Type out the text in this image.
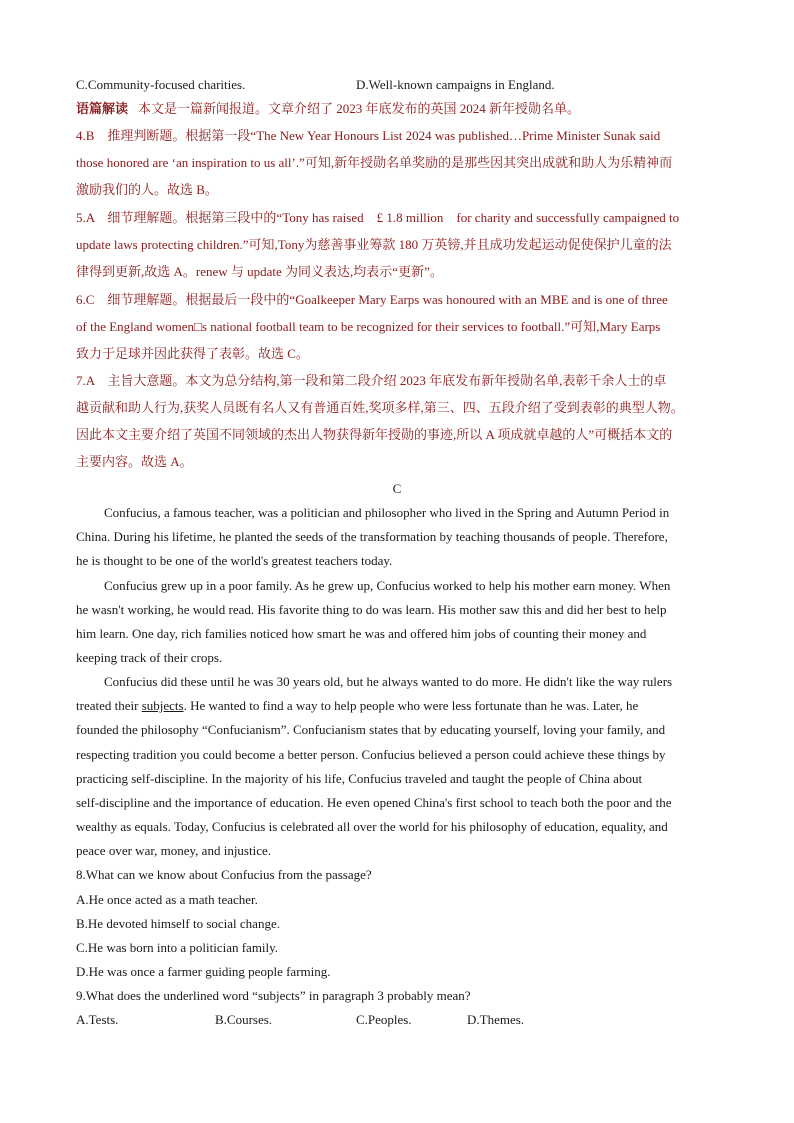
C.Community-focused charities.	D.Well-known campaigns in England.
语篇解读 本文是一篇新闻报道。文章介绍了 2023 年底发布的英国 2024 新年授勋名单。
4.B　推理判断题。根据第一段“The New Year Honours List 2024 was published…Prime Minister Sunak said
those honored are ‘an inspiration to us all’.”可知,新年授勋名单奖励的是那些因其突出成就和助人为乐精神而
激励我们的人。故选 B。
5.A　细节理解题。根据第三段中的“Tony has raised　£ 1.8 million　for charity and successfully campaigned to
update laws protecting children.”可知,Tony为慈善事业筹款 180 万英镑,并且成功发起运动促使保护儿童的法
律得到更新,故选 A。renew 与 update 为同义表达,均表示“更新”。
6.C　细节理解题。根据最后一段中的“Goalkeeper Mary Earps was honoured with an MBE and is one of three
of the England women□s national football team to be recognized for their services to football.”可知,Mary Earps
致力于足球并因此获得了表彰。故选 C。
7.A　主旨大意题。本文为总分结构,第一段和第二段介绍 2023 年底发布新年授勋名单,表彰千余人士的卓
越贡献和助人行为,获奖人员既有名人又有普通百姓,奖项多样,第三、四、五段介绍了受到表彰的典型人物。
因此本文主要介绍了英国不同领域的杰出人物获得新年授勋的事迹,所以 A 项成就卓越的人”可概括本文的
主要内容。故选 A。
C
Confucius, a famous teacher, was a politician and philosopher who lived in the Spring and Autumn Period in
China. During his lifetime, he planted the seeds of the transformation by teaching thousands of people. Therefore,
he is thought to be one of the world's greatest teachers today.
Confucius grew up in a poor family. As he grew up, Confucius worked to help his mother earn money. When
he wasn't working, he would read. His favorite thing to do was learn. His mother saw this and did her best to help
him learn. One day, rich families noticed how smart he was and offered him jobs of counting their money and
keeping track of their crops.
Confucius did these until he was 30 years old, but he always wanted to do more. He didn't like the way rulers
treated their subjects. He wanted to find a way to help people who were less fortunate than he was. Later, he
founded the philosophy “Confucianism”. Confucianism states that by educating yourself, loving your family, and
respecting tradition you could become a better person. Confucius believed a person could achieve these things by
practicing self-discipline. In the majority of his life, Confucius traveled and taught the people of China about
self-discipline and the importance of education. He even opened China's first school to teach both the poor and the
wealthy as equals. Today, Confucius is celebrated all over the world for his philosophy of education, equality, and
peace over war, money, and injustice.
8.What can we know about Confucius from the passage?
A.He once acted as a math teacher.
B.He devoted himself to social change.
C.He was born into a politician family.
D.He was once a farmer guiding people farming.
9.What does the underlined word “subjects” in paragraph 3 probably mean?
A.Tests.	B.Courses.	C.Peoples.	D.Themes.
